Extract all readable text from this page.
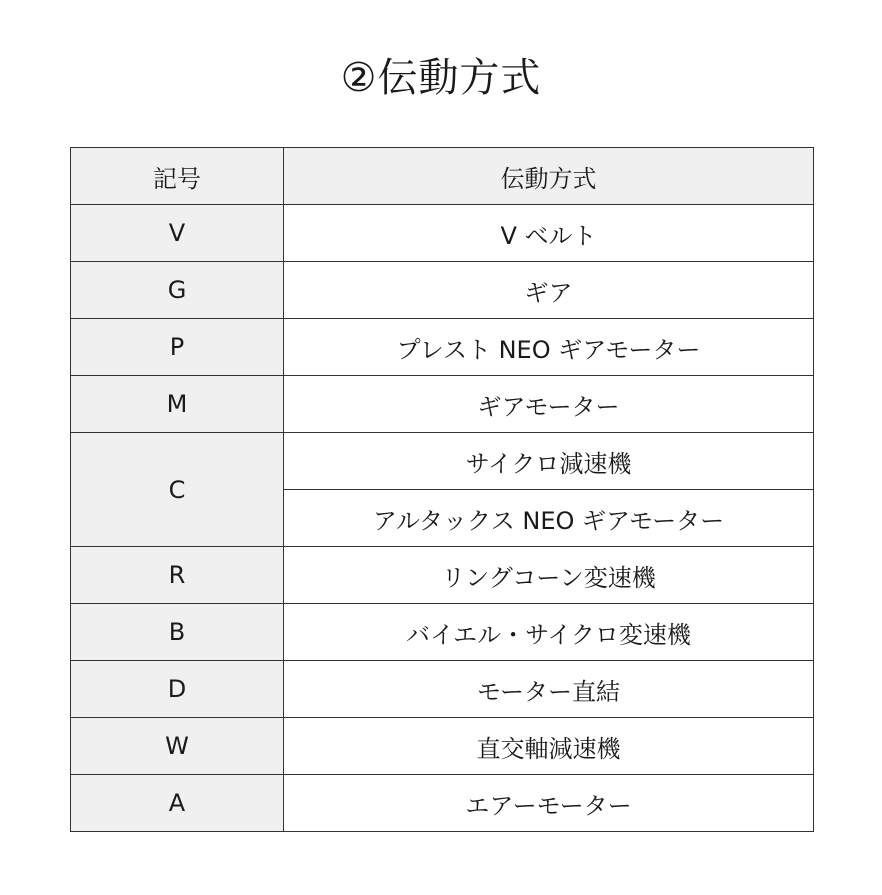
②伝動方式
記号	伝動方式
V	V ベルト
G	ギア
P	プレスト NEO ギアモーター
M	ギアモーター
C	サイクロ減速機
	アルタックス NEO ギアモーター
R	リングコーン変速機
B	バイエル・サイクロ変速機
D	モーター直結
W	直交軸減速機
A	エアーモーター
